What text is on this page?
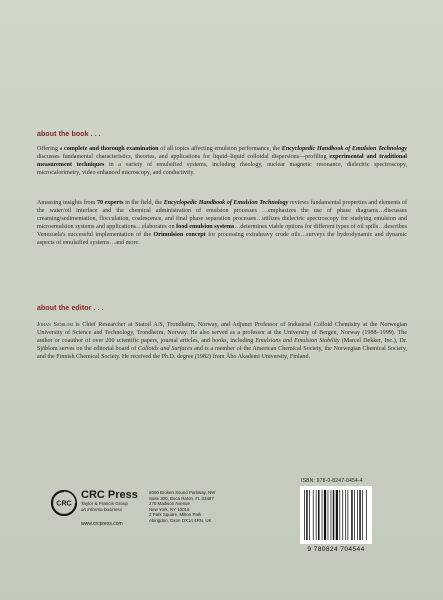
about the book . . .

Offering a complete and thorough examination of all topics affecting emulsion performance, the Encyclopedic Handbook of Emulsion Technology discusses fundamental characteristics, theories, and applications for liquid–liquid colloidal dispersions—profiling experimental and traditional measurement techniques in a variety of emulsified systems, including rheology, nuclear magnetic resonance, dielectric spectroscopy, microcalorimetry, video enhanced microscopy, and conductivity.

Amassing insights from 70 experts in the field, the Encyclopedic Handbook of Emulsion Technology reviews fundamental properties and elements of the water/oil interface and the chemical administration of emulsion processes …emphasizes the use of phase diagrams…discusses creaming/sedimentation, flocculation, coalescence, and final phase separation processes…utilizes dielectric spectroscopy for studying emulsion and microemulsion systems and applications…elaborates on food emulsion systems…determines viable options for different types of oil spills…describes Venezuela's successful implementation of the Orimulsion concept for processing extraheavy crude oils…surveys the hydrodynamic and dynamic aspects of emulsified systems…and more.

about the editor . . .

Johan Sjöblom is Chief Researcher at Statoil A/S, Trondheim, Norway, and Adjunct Professor of Industrial Colloid Chemistry at the Norwegian University of Science and Technology, Trondheim, Norway. He also served as a professor at the University of Bergen, Norway (1988–1999). The author or coauthor of over 200 scientific papers, journal articles, and books, including Emulsions and Emulsion Stability (Marcel Dekker, Inc.), Dr. Sjöblom serves on the editorial board of Colloids and Surfaces and is a member of the American Chemical Society, the Norwegian Chemical Society, and the Finnish Chemical Society. He received the Ph.D. degree (1982) from Åbo Akademi University, Finland.

CRC
CRC Press
Taylor & Francis Group
an informa business
www.crcpress.com
6000 Broken Sound Parkway, NW
Suite 300, Boca Raton, FL 33487
270 Madison Avenue
New York, NY 10016
2 Park Square, Milton Park
Abingdon, Oxon OX14 4RN, UK
ISBN: 978-0-8247-0454-4
9 780824 704544
